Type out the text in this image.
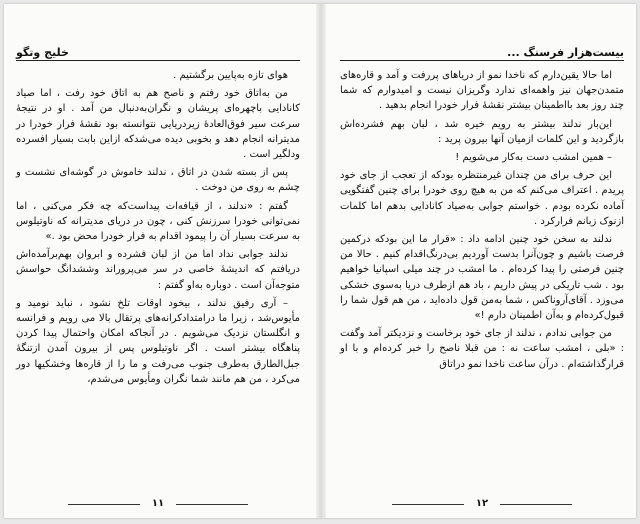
خلیج وتگو

هوای تازه به‌پایین برگشتیم .

من به‌اتاق خود رفتم و ناصح هم به اتاق خود رفت ، اما صیاد کانادایی باچهره‌ای پریشان و نگران‌به‌دنبال من آمد . او در نتیجهٔ سرعت سیر فوق‌العادهٔ زیردریایی نتوانسته بود نقشهٔ فرار خودرا در مدیترانه انجام دهد و بخوبی دیده می‌شدکه ازاین بابت بسیار افسرده ودلگیر است .

پس از بسته شدن در اتاق ، ندلند خاموش در گوشه‌ای نشست و چشم به روی من دوخت .

گفتم : «ندلند ، از قیافه‌ات پیداست‌که چه فکر می‌کنی ، اما نمی‌توانی خودرا سرزنش کنی ، چون در دریای مدیترانه که ناوتیلوس به سرعت بسیار آن را پیمود اقدام به فرار خودرا محض بود .»

ندلند جوابی نداد اما من از لبان فشرده و ابروان بهم‌برآمده‌اش دریافتم که اندیشهٔ خاصی در سر می‌پروراند وششدانگ حواسش متوجه‌آن است . دوباره به‌او گفتم :

– آری رفیق ندلند ، بیخود اوقات تلخ نشود ، نباید نومید و مأیوس‌شد ، زیرا ما درامتدادکرانه‌های پرتقال بالا می رویم و فرانسه و انگلستان نزدیک می‌شویم . در آنجاکه امکان واحتمال پیدا کردن پناهگاه بیشتر است . اگر ناوتیلوس پس از بیرون آمدن ازتنگهٔ جبل‌الطارق به‌طرف جنوب می‌رفت و ما را از قاره‌ها وخشکیها دور می‌کرد ، من هم مانند شما نگران ومأیوس می‌شدم،

۱۱
بیست‌هزار فرسنگ ...

اما حالا یقین‌دارم که ناخدا نمو از دریاهای پررفت و آمد و قاره‌های متمدن‌جهان نیز واهمه‌ای ندارد وگریزان نیست و امیدوارم که شما چند روز بعد بااطمینان بیشتر نقشهٔ فرار خودرا انجام بدهید .

این‌بار ندلند بیشتر به رویم خیره شد ، لبان بهم فشرده‌اش بازگردید و این کلمات ازمیان آنها بیرون پرید :

– همین امشب دست به‌کار می‌شویم !

این حرف برای من چندان غیرمنتظره بودکه از تعجب از جای خود پریدم . اعتراف می‌کنم که من به هیچ روی خودرا برای چنین گفتگویی آماده نکرده بودم . خواستم جوابی به‌صیاد کانادایی بدهم اما کلمات ازنوک زبانم فرارکرد .

ندلند به سخن خود چنین ادامه داد : «قرار ما این بودکه درکمین فرصت باشیم و چون‌آنرا بدست آوردیم بی‌درنگ‌اقدام کنیم . حالا من چنین فرصتی را پیدا کرده‌ام . ما امشب در چند میلی اسپانیا خواهیم بود . شب تاریکی در پیش داریم ، باد هم از‌طرف دریا به‌سوی خشکی می‌وزد . آقای‌آروناکس ، شما به‌من قول داده‌اید ، من هم قول شما را قبول‌کرده‌ام و به‌آن اطمینان دارم !»

من جوابی ندادم ، ندلند از جای خود برخاست و نزدیکتر آمد وگفت : «بلی ، امشب ساعت نه : من قبلا ناصح را خبر کرده‌ام و با او قرارگذاشته‌ام . درآن ساعت ناخدا نمو دراتاق

۱۲
